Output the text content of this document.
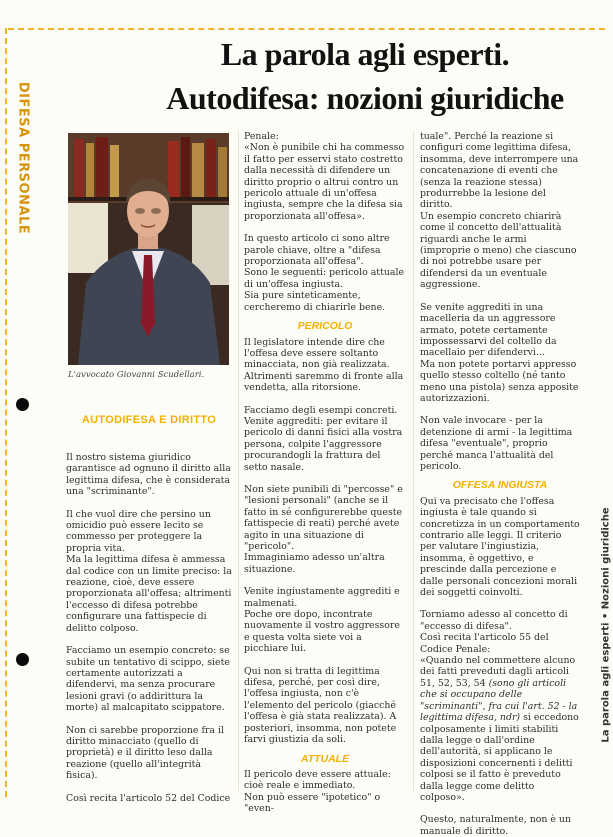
DIFESA PERSONALE
La parola agli esperti • Nozioni giuridiche
La parola agli esperti.
Autodifesa: nozioni giuridiche
L'avvocato Giovanni Scudellari.
AUTODIFESA E DIRITTO

Il nostro sistema giuridico garantisce ad ognuno il diritto alla legittima difesa, che è considerata una "scriminante".

Il che vuol dire che persino un omicidio può essere lecito se commesso per proteggere la propria vita.

Ma la legittima difesa è ammessa dal codice con un limite preciso: la reazione, cioè, deve essere proporzionata all'offesa; altrimenti l'eccesso di difesa potrebbe configurare una fattispecie di delitto colposo.

Facciamo un esempio concreto: se subite un tentativo di scippo, siete certamente autorizzati a difendervi, ma senza procurare lesioni gravi (o addirittura la morte) al malcapitato scippatore.

Non ci sarebbe proporzione fra il diritto minacciato (quello di proprietà) e il diritto leso dalla reazione (quello all'integrità fisica).

Così recita l'articolo 52 del Codice

Penale:

«Non è punibile chi ha commesso il fatto per esservi stato costretto dalla necessità di difendere un diritto proprio o altrui contro un pericolo attuale di un'offesa ingiusta, sempre che la difesa sia proporzionata all'offesa».

In questo articolo ci sono altre parole chiave, oltre a "difesa proporzionata all'offesa".

Sono le seguenti: pericolo attuale di un'offesa ingiusta.

Sia pure sinteticamente, cercheremo di chiarirle bene.

PERICOLO

Il legislatore intende dire che l'offesa deve essere soltanto minacciata, non già realizzata.

Altrimenti saremmo di fronte alla vendetta, alla ritorsione.

Facciamo degli esempi concreti. Venite aggrediti: per evitare il pericolo di danni fisici alla vostra persona, colpite l'aggressore procurandogli la frattura del setto nasale.

Non siete punibili di "percosse" e "lesioni personali" (anche se il fatto in sé configurerebbe queste fattispecie di reati) perché avete agito in una situazione di "pericolo".

Immaginiamo adesso un'altra situazione.

Venite ingiustamente aggrediti e malmenati.

Poche ore dopo, incontrate nuovamente il vostro aggressore e questa volta siete voi a picchiare lui.

Qui non si tratta di legittima difesa, perché, per così dire, l'offesa ingiusta, non c'è l'elemento del pericolo (giacché l'offesa è già stata realizzata). A posteriori, insomma, non potete farvi giustizia da soli.

ATTUALE

Il pericolo deve essere attuale: cioè reale e immediato.

Non può essere "ipotetico" o "even-

tuale". Perché la reazione si configuri come legittima difesa, insomma, deve interrompere una concatenazione di eventi che (senza la reazione stessa) produrrebbe la lesione del diritto.

Un esempio concreto chiarirà come il concetto dell'attualità riguardi anche le armi (improprie o meno) che ciascuno di noi potrebbe usare per difendersi da un eventuale aggressione.

Se venite aggrediti in una macelleria da un aggressore armato, potete certamente impossessarvi del coltello da macellaio per difendervi...

Ma non potete portarvi appresso quello stesso coltello (né tanto meno una pistola) senza apposite autorizzazioni.

Non vale invocare - per la detenzione di armi - la legittima difesa "eventuale", proprio perché manca l'attualità del pericolo.

OFFESA INGIUSTA

Qui va precisato che l'offesa ingiusta è tale quando si concretizza in un comportamento contrario alle leggi. Il criterio per valutare l'ingiustizia, insomma, è oggettivo, e prescinde dalla percezione e dalle personali concezioni morali dei soggetti coinvolti.

Torniamo adesso al concetto di "eccesso di difesa".

Così recita l'articolo 55 del Codice Penale:

«Quando nel commettere alcuno dei fatti preveduti dagli articoli 51, 52, 53, 54 (sono gli articoli che si occupano delle "scriminanti", fra cui l'art. 52 - la legittima difesa, ndr) si eccedono colposamente i limiti stabiliti dalla legge o dall'ordine dell'autorità, si applicano le disposizioni concernenti i delitti colposi se il fatto è preveduto dalla legge come delitto colposo».

Questo, naturalmente, non è un manuale di diritto.
